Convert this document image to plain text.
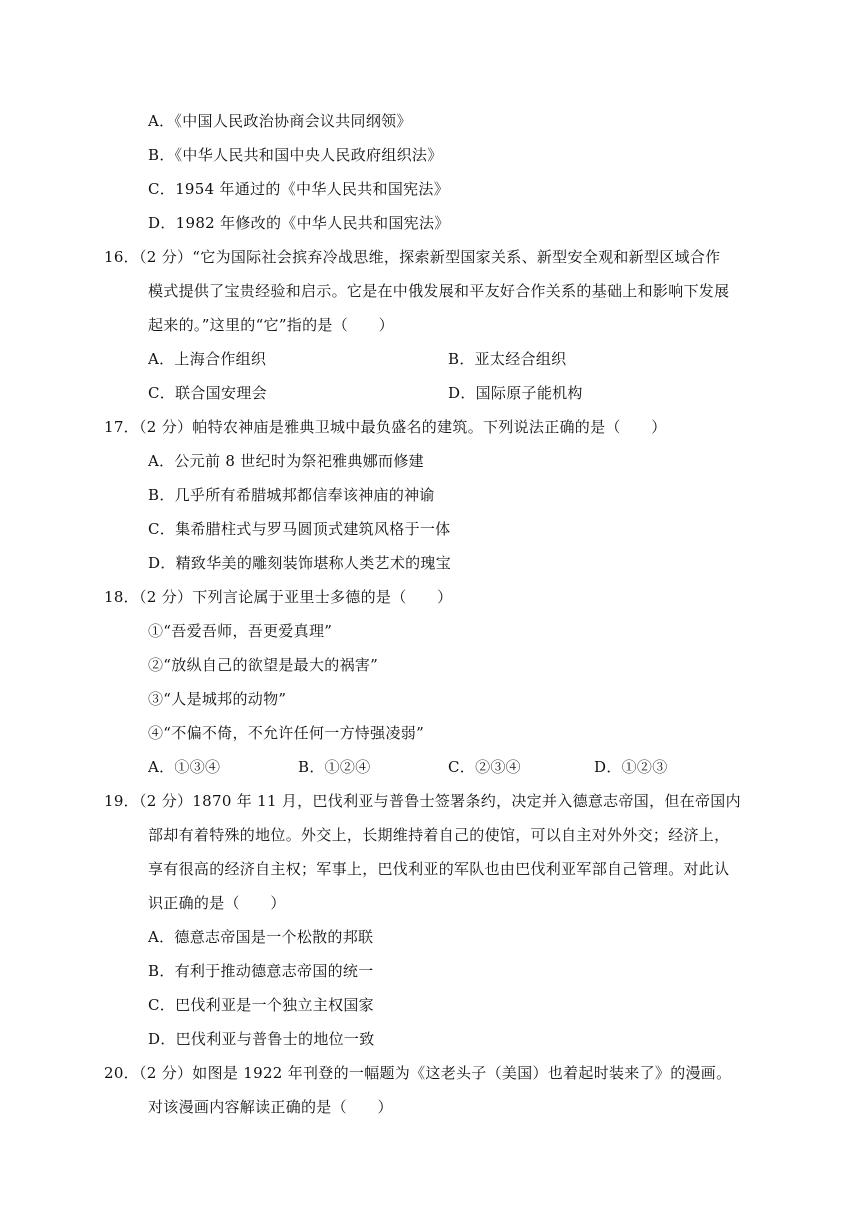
A．《中国人民政治协商会议共同纲领》
B．《中华人民共和国中央人民政府组织法》
C．1954 年通过的《中华人民共和国宪法》
D．1982 年修改的《中华人民共和国宪法》
16．（2 分）“它为国际社会摈弃冷战思维，探索新型国家关系、新型安全观和新型区域合作
模式提供了宝贵经验和启示。它是在中俄发展和平友好合作关系的基础上和影响下发展
起来的。”这里的“它”指的是（　　）
A．上海合作组织	B．亚太经合组织
C．联合国安理会	D．国际原子能机构
17．（2 分）帕特农神庙是雅典卫城中最负盛名的建筑。下列说法正确的是（　　）
A．公元前 8 世纪时为祭祀雅典娜而修建
B．几乎所有希腊城邦都信奉该神庙的神谕
C．集希腊柱式与罗马圆顶式建筑风格于一体
D．精致华美的雕刻装饰堪称人类艺术的瑰宝
18．（2 分）下列言论属于亚里士多德的是（　　）
①“吾爱吾师，吾更爱真理”
②“放纵自己的欲望是最大的祸害”
③“人是城邦的动物”
④“不偏不倚，不允许任何一方恃强凌弱”
A．①③④	B．①②④	C．②③④	D．①②③
19．（2 分）1870 年 11 月，巴伐利亚与普鲁士签署条约，决定并入德意志帝国，但在帝国内
部却有着特殊的地位。外交上，长期维持着自己的使馆，可以自主对外外交；经济上，
享有很高的经济自主权；军事上，巴伐利亚的军队也由巴伐利亚军部自己管理。对此认
识正确的是（　　）
A．德意志帝国是一个松散的邦联
B．有利于推动德意志帝国的统一
C．巴伐利亚是一个独立主权国家
D．巴伐利亚与普鲁士的地位一致
20．（2 分）如图是 1922 年刊登的一幅题为《这老头子（美国）也着起时装来了》的漫画。
对该漫画内容解读正确的是（　　）
